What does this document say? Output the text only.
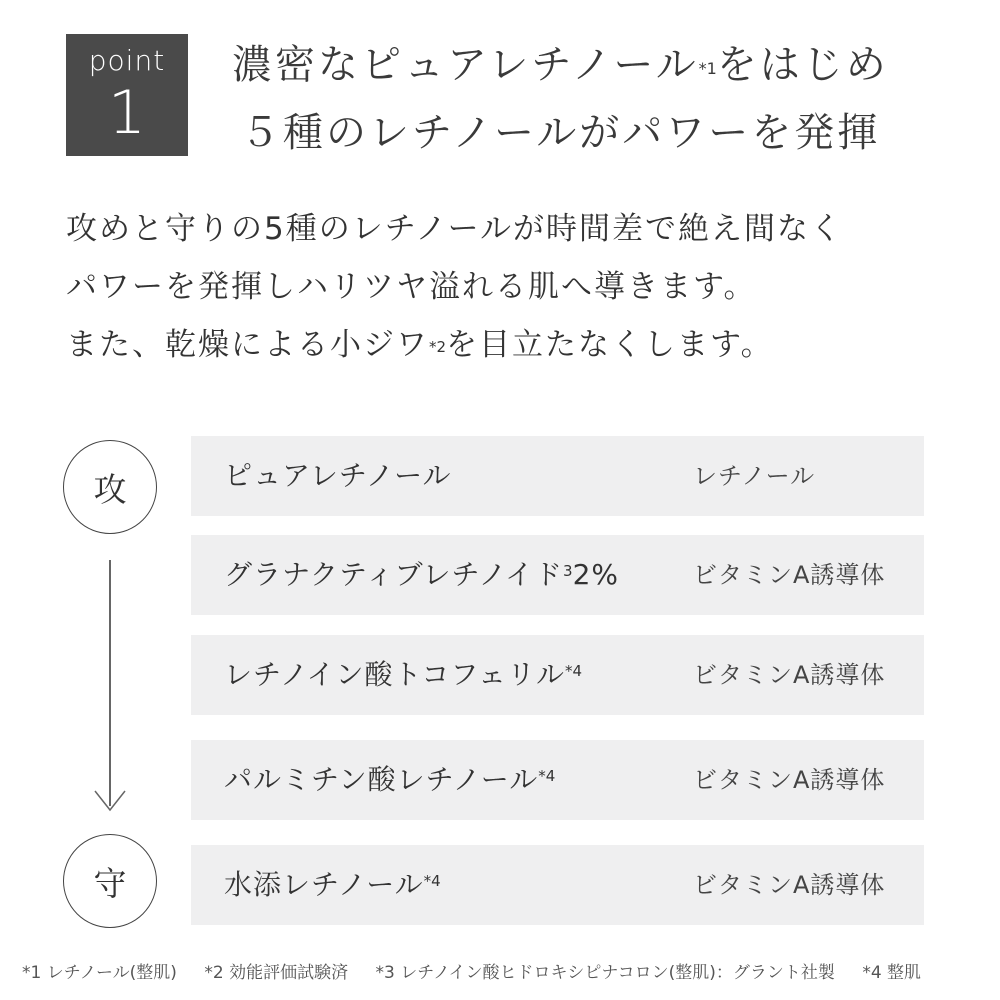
point
1
濃密なピュアレチノール$^{*1}$をはじめ
５種のレチノールがパワーを発揮
攻めと守りの5種のレチノールが時間差で絶え間なく
パワーを発揮しハリツヤ溢れる肌へ導きます。
また、乾燥による小ジワ$^{*2}$を目立たなくします。
攻
守
ピュアレチノール	レチノール
グラナクティブレチノイド$^3$2%	ビタミンA誘導体
レチノイン酸トコフェリル$^{*4}$	ビタミンA誘導体
パルミチン酸レチノール$^{*4}$	ビタミンA誘導体
水添レチノール$^{*4}$	ビタミンA誘導体
*1 レチノール(整肌) *2 効能評価試験済 *3 レチノイン酸ヒドロキシピナコロン(整肌)：グラント社製 *4 整肌
